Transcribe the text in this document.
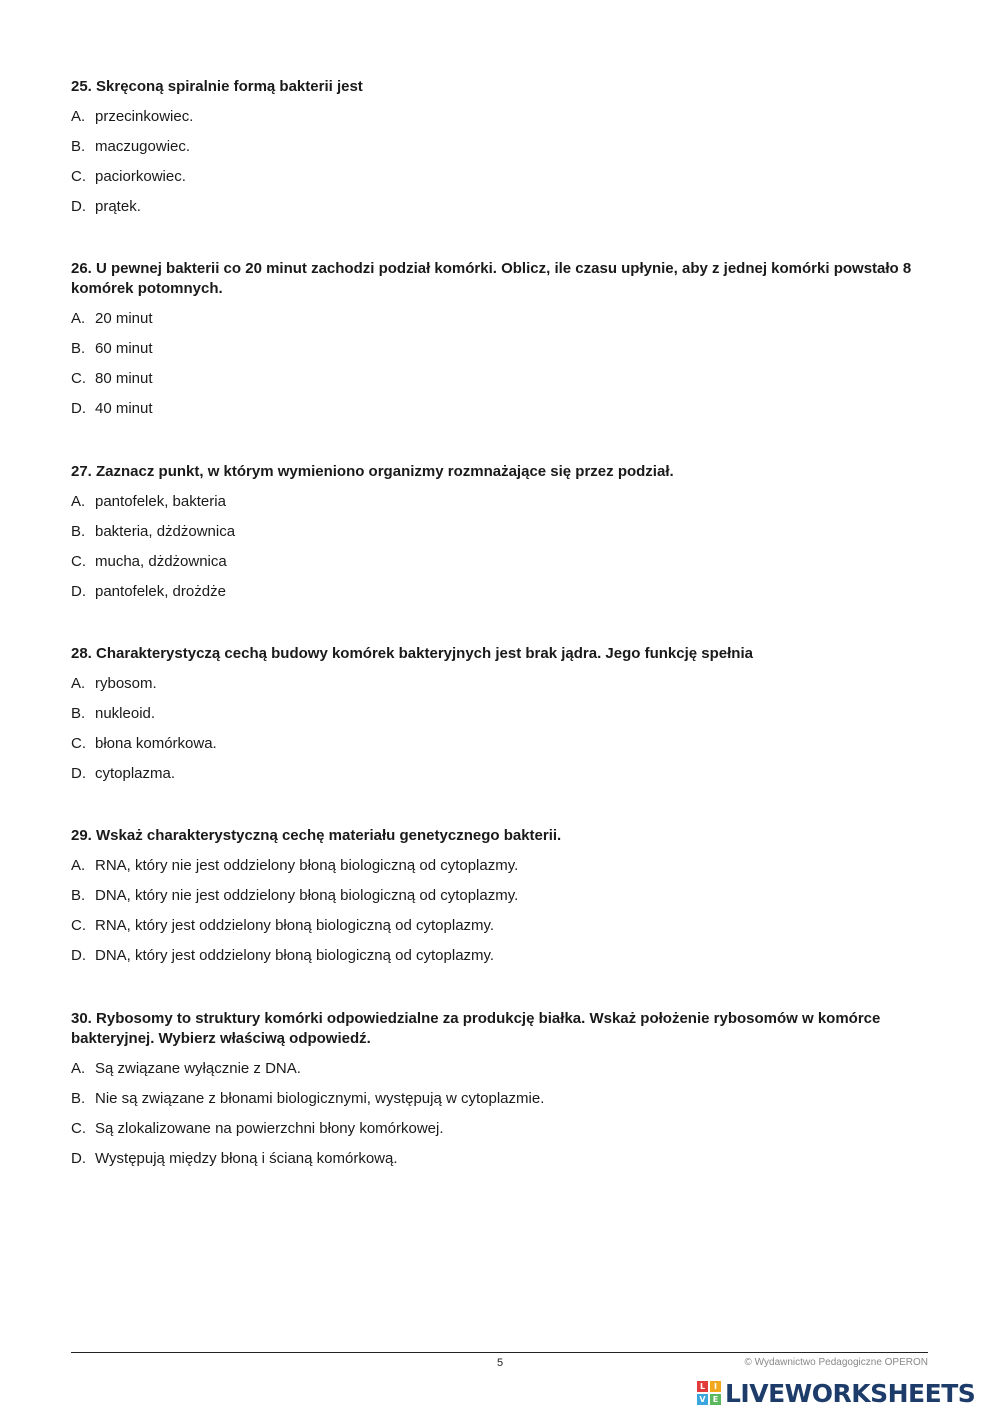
25. Skręconą spiralnie formą bakterii jest

A. przecinkowiec.
B. maczugowiec.
C. paciorkowiec.
D. prątek.

26. U pewnej bakterii co 20 minut zachodzi podział komórki. Oblicz, ile czasu upłynie, aby z jednej komórki powstało 8 komórek potomnych.

A. 20 minut
B. 60 minut
C. 80 minut
D. 40 minut

27. Zaznacz punkt, w którym wymieniono organizmy rozmnażające się przez podział.

A. pantofelek, bakteria
B. bakteria, dżdżownica
C. mucha, dżdżownica
D. pantofelek, drożdże

28. Charakterystyczą cechą budowy komórek bakteryjnych jest brak jądra. Jego funkcję spełnia

A. rybosom.
B. nukleoid.
C. błona komórkowa.
D. cytoplazma.

29. Wskaż charakterystyczną cechę materiału genetycznego bakterii.

A. RNA, który nie jest oddzielony błoną biologiczną od cytoplazmy.
B. DNA, który nie jest oddzielony błoną biologiczną od cytoplazmy.
C. RNA, który jest oddzielony błoną biologiczną od cytoplazmy.
D. DNA, który jest oddzielony błoną biologiczną od cytoplazmy.

30. Rybosomy to struktury komórki odpowiedzialne za produkcję białka. Wskaż położenie rybosomów w komórce bakteryjnej. Wybierz właściwą odpowiedź.

A. Są związane wyłącznie z DNA.
B. Nie są związane z błonami biologicznymi, występują w cytoplazmie.
C. Są zlokalizowane na powierzchni błony komórkowej.
D. Występują między błoną i ścianą komórkową.
5	© Wydawnictwo Pedagogiczne OPERON
L	I
V E LIVEWORKSHEETS
